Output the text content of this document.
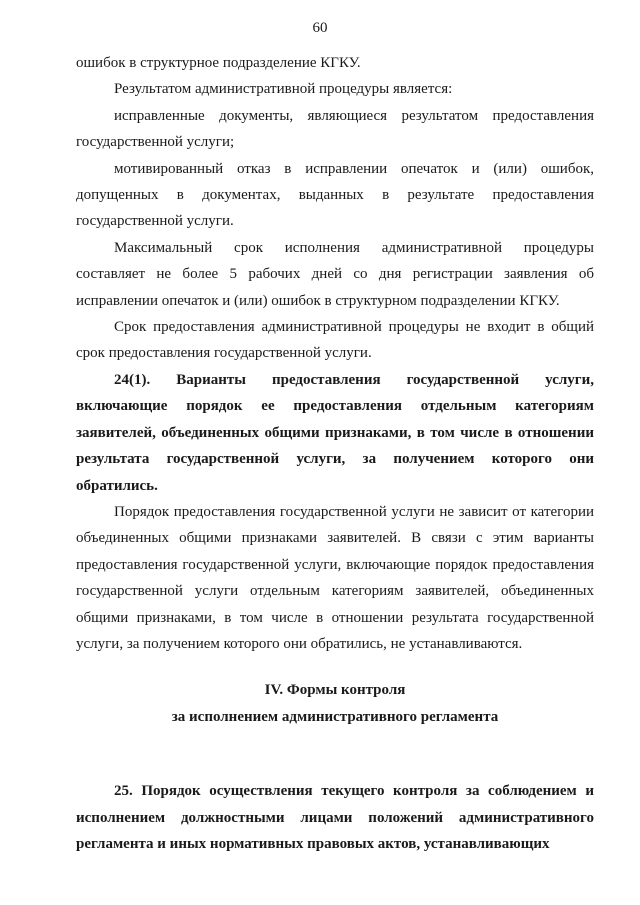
60

ошибок в структурное подразделение КГКУ.

Результатом административной процедуры является:

исправленные документы, являющиеся результатом предоставления государственной услуги;

мотивированный отказ в исправлении опечаток и (или) ошибок, допущенных в документах, выданных в результате предоставления государственной услуги.

Максимальный срок исполнения административной процедуры составляет не более 5 рабочих дней со дня регистрации заявления об исправлении опечаток и (или) ошибок в структурном подразделении КГКУ.

Срок предоставления административной процедуры не входит в общий срок предоставления государственной услуги.

24(1). Варианты предоставления государственной услуги, включающие порядок ее предоставления отдельным категориям заявителей, объединенных общими признаками, в том числе в отношении результата государственной услуги, за получением которого они обратились.

Порядок предоставления государственной услуги не зависит от категории объединенных общими признаками заявителей. В связи с этим варианты предоставления государственной услуги, включающие порядок предоставления государственной услуги отдельным категориям заявителей, объединенных общими признаками, в том числе в отношении результата государственной услуги, за получением которого они обратились, не устанавливаются.

IV. Формы контроля

за исполнением административного регламента

25. Порядок осуществления текущего контроля за соблюдением и исполнением должностными лицами положений административного регламента и иных нормативных правовых актов, устанавливающих
